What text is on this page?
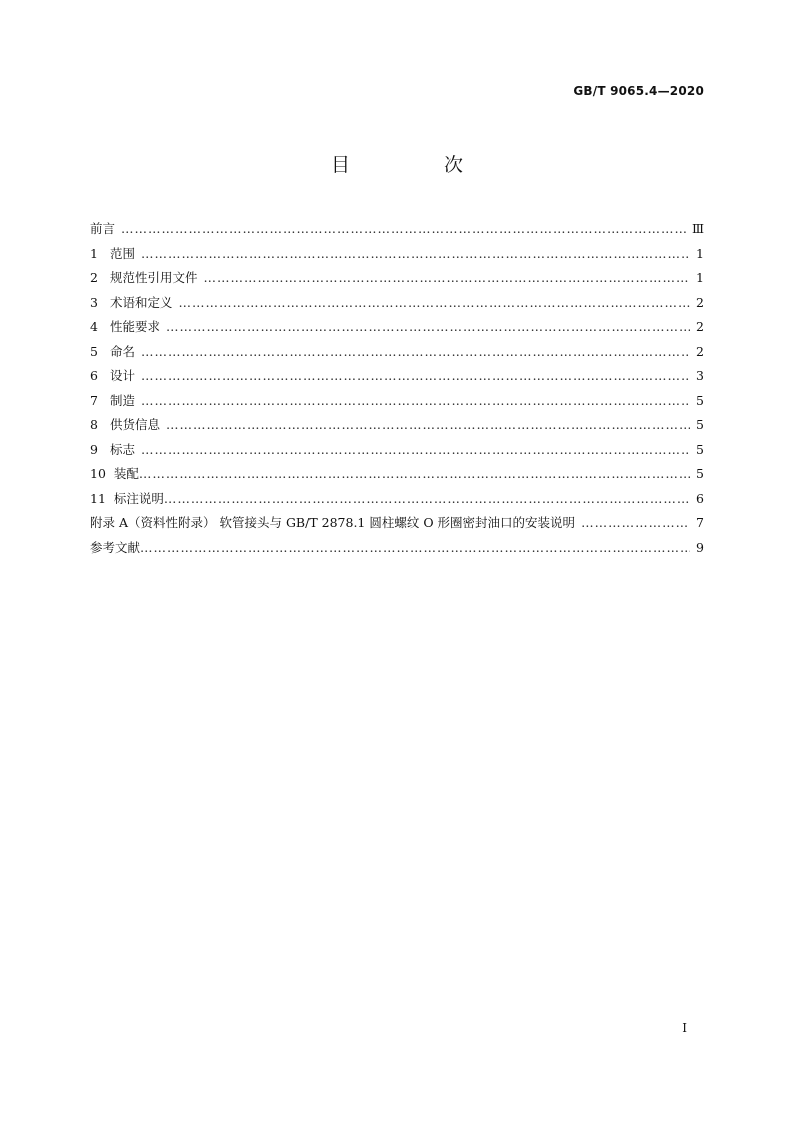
GB/T 9065.4—2020
目 次
前言 …………………………………………………………………………………………………………………………………………………………………………………………………………………………………	Ⅲ
1 范围 …………………………………………………………………………………………………………………………………………………………………………………………………………………………………	1
2 规范性引用文件 …………………………………………………………………………………………………………………………………………………………………………………………………………………………………	1
3 术语和定义 …………………………………………………………………………………………………………………………………………………………………………………………………………………………………	2
4 性能要求 …………………………………………………………………………………………………………………………………………………………………………………………………………………………………	2
5 命名 …………………………………………………………………………………………………………………………………………………………………………………………………………………………………	2
6 设计 …………………………………………………………………………………………………………………………………………………………………………………………………………………………………	3
7 制造 …………………………………………………………………………………………………………………………………………………………………………………………………………………………………	5
8 供货信息 …………………………………………………………………………………………………………………………………………………………………………………………………………………………………	5
9 标志 …………………………………………………………………………………………………………………………………………………………………………………………………………………………………	5
10 装配 …………………………………………………………………………………………………………………………………………………………………………………………………………………………………	5
11 标注说明 …………………………………………………………………………………………………………………………………………………………………………………………………………………………………	6
附录 A（资料性附录） 软管接头与 GB/T 2878.1 圆柱螺纹 O 形圈密封油口的安装说明 …………………………………………………………………………………………………………………………………………………………………………………………………………………………………	7
参考文献 …………………………………………………………………………………………………………………………………………………………………………………………………………………………………	9
I
